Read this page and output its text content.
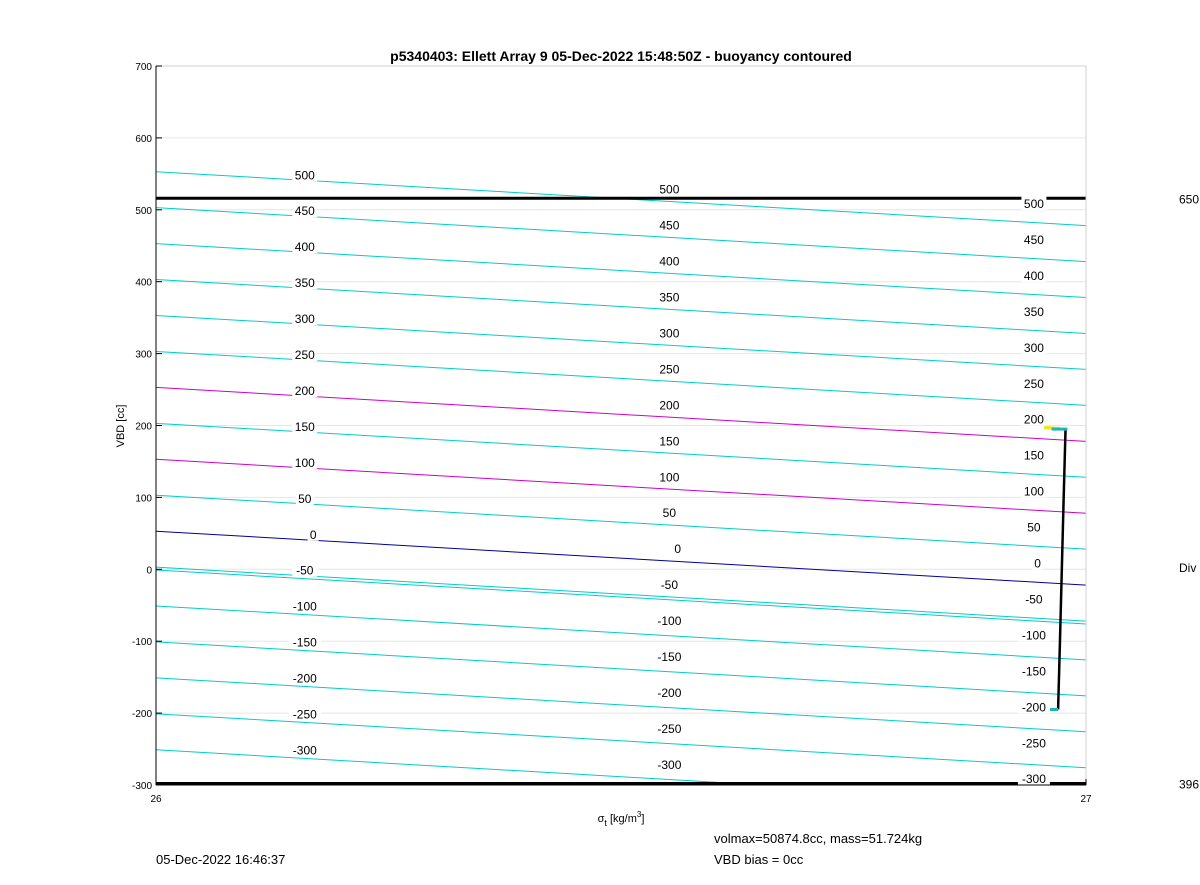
500
450
400
350
300
250
200
150
100
50
0
-50
-100
-150
-200
-250
-300
500
450
400
350
300
250
200
150
100
50
0
-50
-100
-150
-200
-250
-300
500
450
400
350
300
250
200
150
100
50
0
-50
-100
-150
-200
-250
-300
-300
-200
-100
0
100
200
300
400
500
600
700
26	27
650
Div
396
p5340403: Ellett Array 9 05-Dec-2022 15:48:50Z - buoyancy contoured
VBD [cc]
$\sigma_t$ $[kg/m^3]$
05-Dec-2022 16:46:37
volmax=50874.8cc, mass=51.724kg
VBD bias = 0cc
